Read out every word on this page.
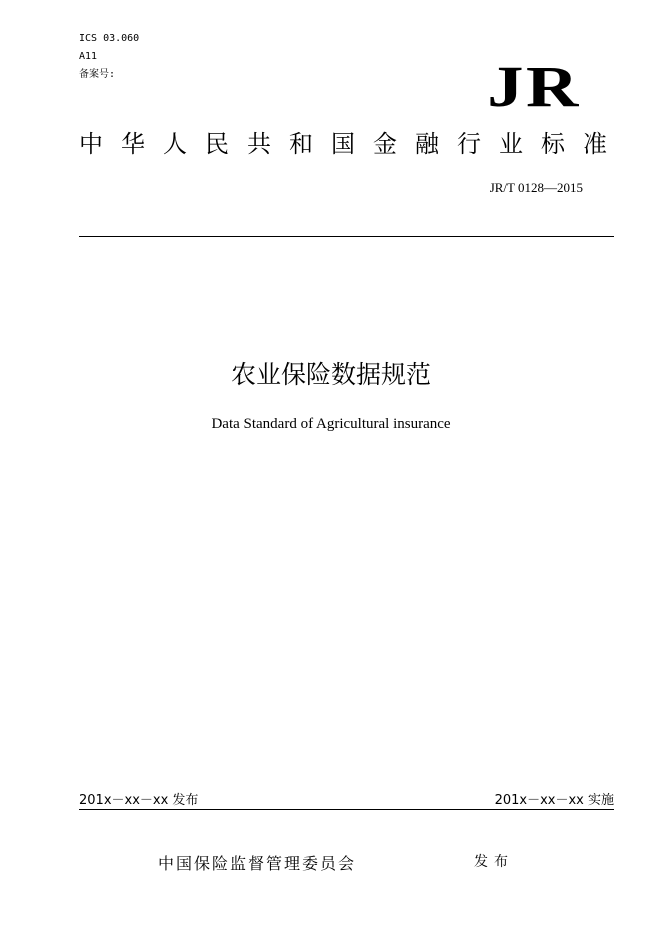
ICS 03.060
A11
备案号:	JR
中华人民共和国金融行业标准
JR/T 0128—2015
农业保险数据规范
Data Standard of Agricultural insurance
201x－xx－xx 发布	201x－xx－xx 实施
中国保险监督管理委员会	发布
